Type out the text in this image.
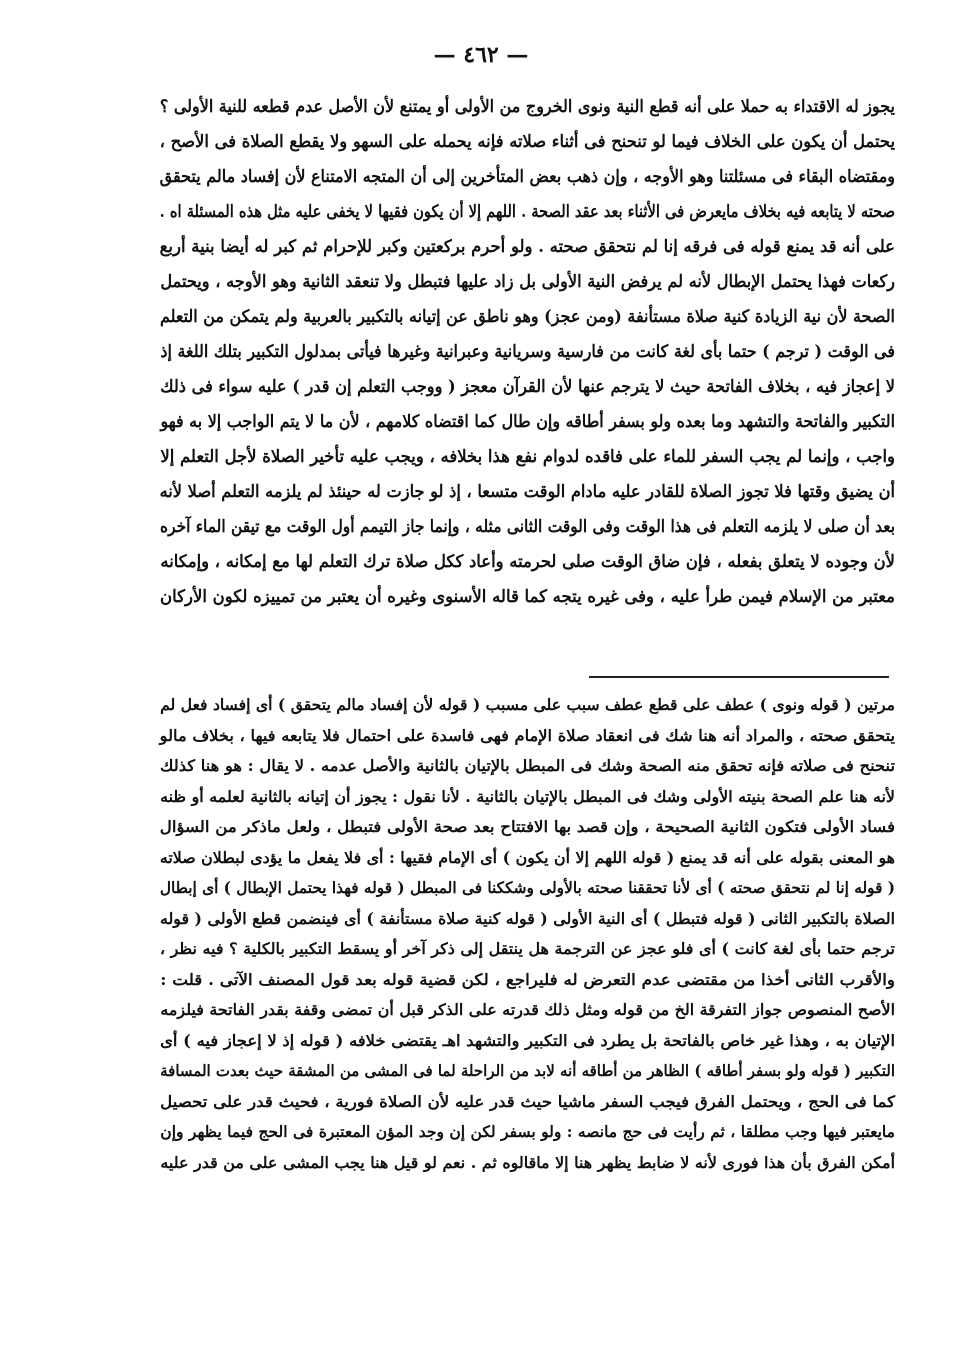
— ٤٦٢ —
يجوز له الاقتداء به حملا على أنه قطع النية ونوى الخروج من الأولى أو يمتنع لأن الأصل عدم قطعه للنية الأولى ؟
يحتمل أن يكون على الخلاف فيما لو تنحنح فى أثناء صلاته فإنه يحمله على السهو ولا يقطع الصلاة فى الأصح ،
ومقتضاه البقاء فى مسئلتنا وهو الأوجه ، وإن ذهب بعض المتأخرين إلى أن المتجه الامتناع لأن إفساد مالم يتحقق
صحته لا يتابعه فيه بخلاف مايعرض فى الأثناء بعد عقد الصحة . اللهم إلا أن يكون فقيها لا يخفى عليه مثل هذه المسئلة اه .
على أنه قد يمنع قوله فى فرقه إنا لم نتحقق صحته . ولو أحرم بركعتين وكبر للإحرام ثم كبر له أيضا بنية أربع
ركعات فهذا يحتمل الإبطال لأنه لم يرفض النية الأولى بل زاد عليها فتبطل ولا تنعقد الثانية وهو الأوجه ، ويحتمل
الصحة لأن نية الزيادة كنية صلاة مستأنفة (ومن عجز) وهو ناطق عن إتيانه بالتكبير بالعربية ولم يتمكن من التعلم
فى الوقت ( ترجم ) حتما بأى لغة كانت من فارسية وسريانية وعبرانية وغيرها فيأتى بمدلول التكبير بتلك اللغة إذ
لا إعجاز فيه ، بخلاف الفاتحة حيث لا يترجم عنها لأن القرآن معجز ( ووجب التعلم إن قدر ) عليه سواء فى ذلك
التكبير والفاتحة والتشهد وما بعده ولو بسفر أطاقه وإن طال كما اقتضاه كلامهم ، لأن ما لا يتم الواجب إلا به فهو
واجب ، وإنما لم يجب السفر للماء على فاقده لدوام نفع هذا بخلافه ، ويجب عليه تأخير الصلاة لأجل التعلم إلا
أن يضيق وقتها فلا تجوز الصلاة للقادر عليه مادام الوقت متسعا ، إذ لو جازت له حينئذ لم يلزمه التعلم أصلا لأنه
بعد أن صلى لا يلزمه التعلم فى هذا الوقت وفى الوقت الثانى مثله ، وإنما جاز التيمم أول الوقت مع تيقن الماء آخره
لأن وجوده لا يتعلق بفعله ، فإن ضاق الوقت صلى لحرمته وأعاد ككل صلاة ترك التعلم لها مع إمكانه ، وإمكانه
معتبر من الإسلام فيمن طرأ عليه ، وفى غيره يتجه كما قاله الأسنوى وغيره أن يعتبر من تمييزه لكون الأركان
مرتين ( قوله ونوى ) عطف على قطع عطف سبب على مسبب ( قوله لأن إفساد مالم يتحقق ) أى إفساد فعل لم
يتحقق صحته ، والمراد أنه هنا شك فى انعقاد صلاة الإمام فهى فاسدة على احتمال فلا يتابعه فيها ، بخلاف مالو
تنحنح فى صلاته فإنه تحقق منه الصحة وشك فى المبطل بالإتيان بالثانية والأصل عدمه . لا يقال : هو هنا كذلك
لأنه هنا علم الصحة بنيته الأولى وشك فى المبطل بالإتيان بالثانية . لأنا نقول : يجوز أن إتيانه بالثانية لعلمه أو ظنه
فساد الأولى فتكون الثانية الصحيحة ، وإن قصد بها الافتتاح بعد صحة الأولى فتبطل ، ولعل ماذكر من السؤال
هو المعنى بقوله على أنه قد يمنع ( قوله اللهم إلا أن يكون ) أى الإمام فقيها : أى فلا يفعل ما يؤدى لبطلان صلاته
( قوله إنا لم نتحقق صحته ) أى لأنا تحققنا صحته بالأولى وشككنا فى المبطل ( قوله فهذا يحتمل الإبطال ) أى إبطال
الصلاة بالتكبير الثانى ( قوله فتبطل ) أى النية الأولى ( قوله كنية صلاة مستأنفة ) أى فينضمن قطع الأولى ( قوله
ترجم حتما بأى لغة كانت ) أى فلو عجز عن الترجمة هل ينتقل إلى ذكر آخر أو يسقط التكبير بالكلية ؟ فيه نظر ،
والأقرب الثانى أخذا من مقتضى عدم التعرض له فليراجع ، لكن قضية قوله بعد قول المصنف الآتى . قلت :
الأصح المنصوص جواز التفرقة الخ من قوله ومثل ذلك قدرته على الذكر قبل أن تمضى وقفة بقدر الفاتحة فيلزمه
الإتيان به ، وهذا غير خاص بالفاتحة بل يطرد فى التكبير والتشهد اهـ يقتضى خلافه ( قوله إذ لا إعجاز فيه ) أى
التكبير ( قوله ولو بسفر أطاقه ) الظاهر من أطاقه أنه لابد من الراحلة لما فى المشى من المشقة حيث بعدت المسافة
كما فى الحج ، ويحتمل الفرق فيجب السفر ماشيا حيث قدر عليه لأن الصلاة فورية ، فحيث قدر على تحصيل
مايعتبر فيها وجب مطلقا ، ثم رأيت فى حج مانصه : ولو بسفر لكن إن وجد المؤن المعتبرة فى الحج فيما يظهر وإن
أمكن الفرق بأن هذا فورى لأنه لا ضابط يظهر هنا إلا ماقالوه ثم . نعم لو قيل هنا يجب المشى على من قدر عليه
